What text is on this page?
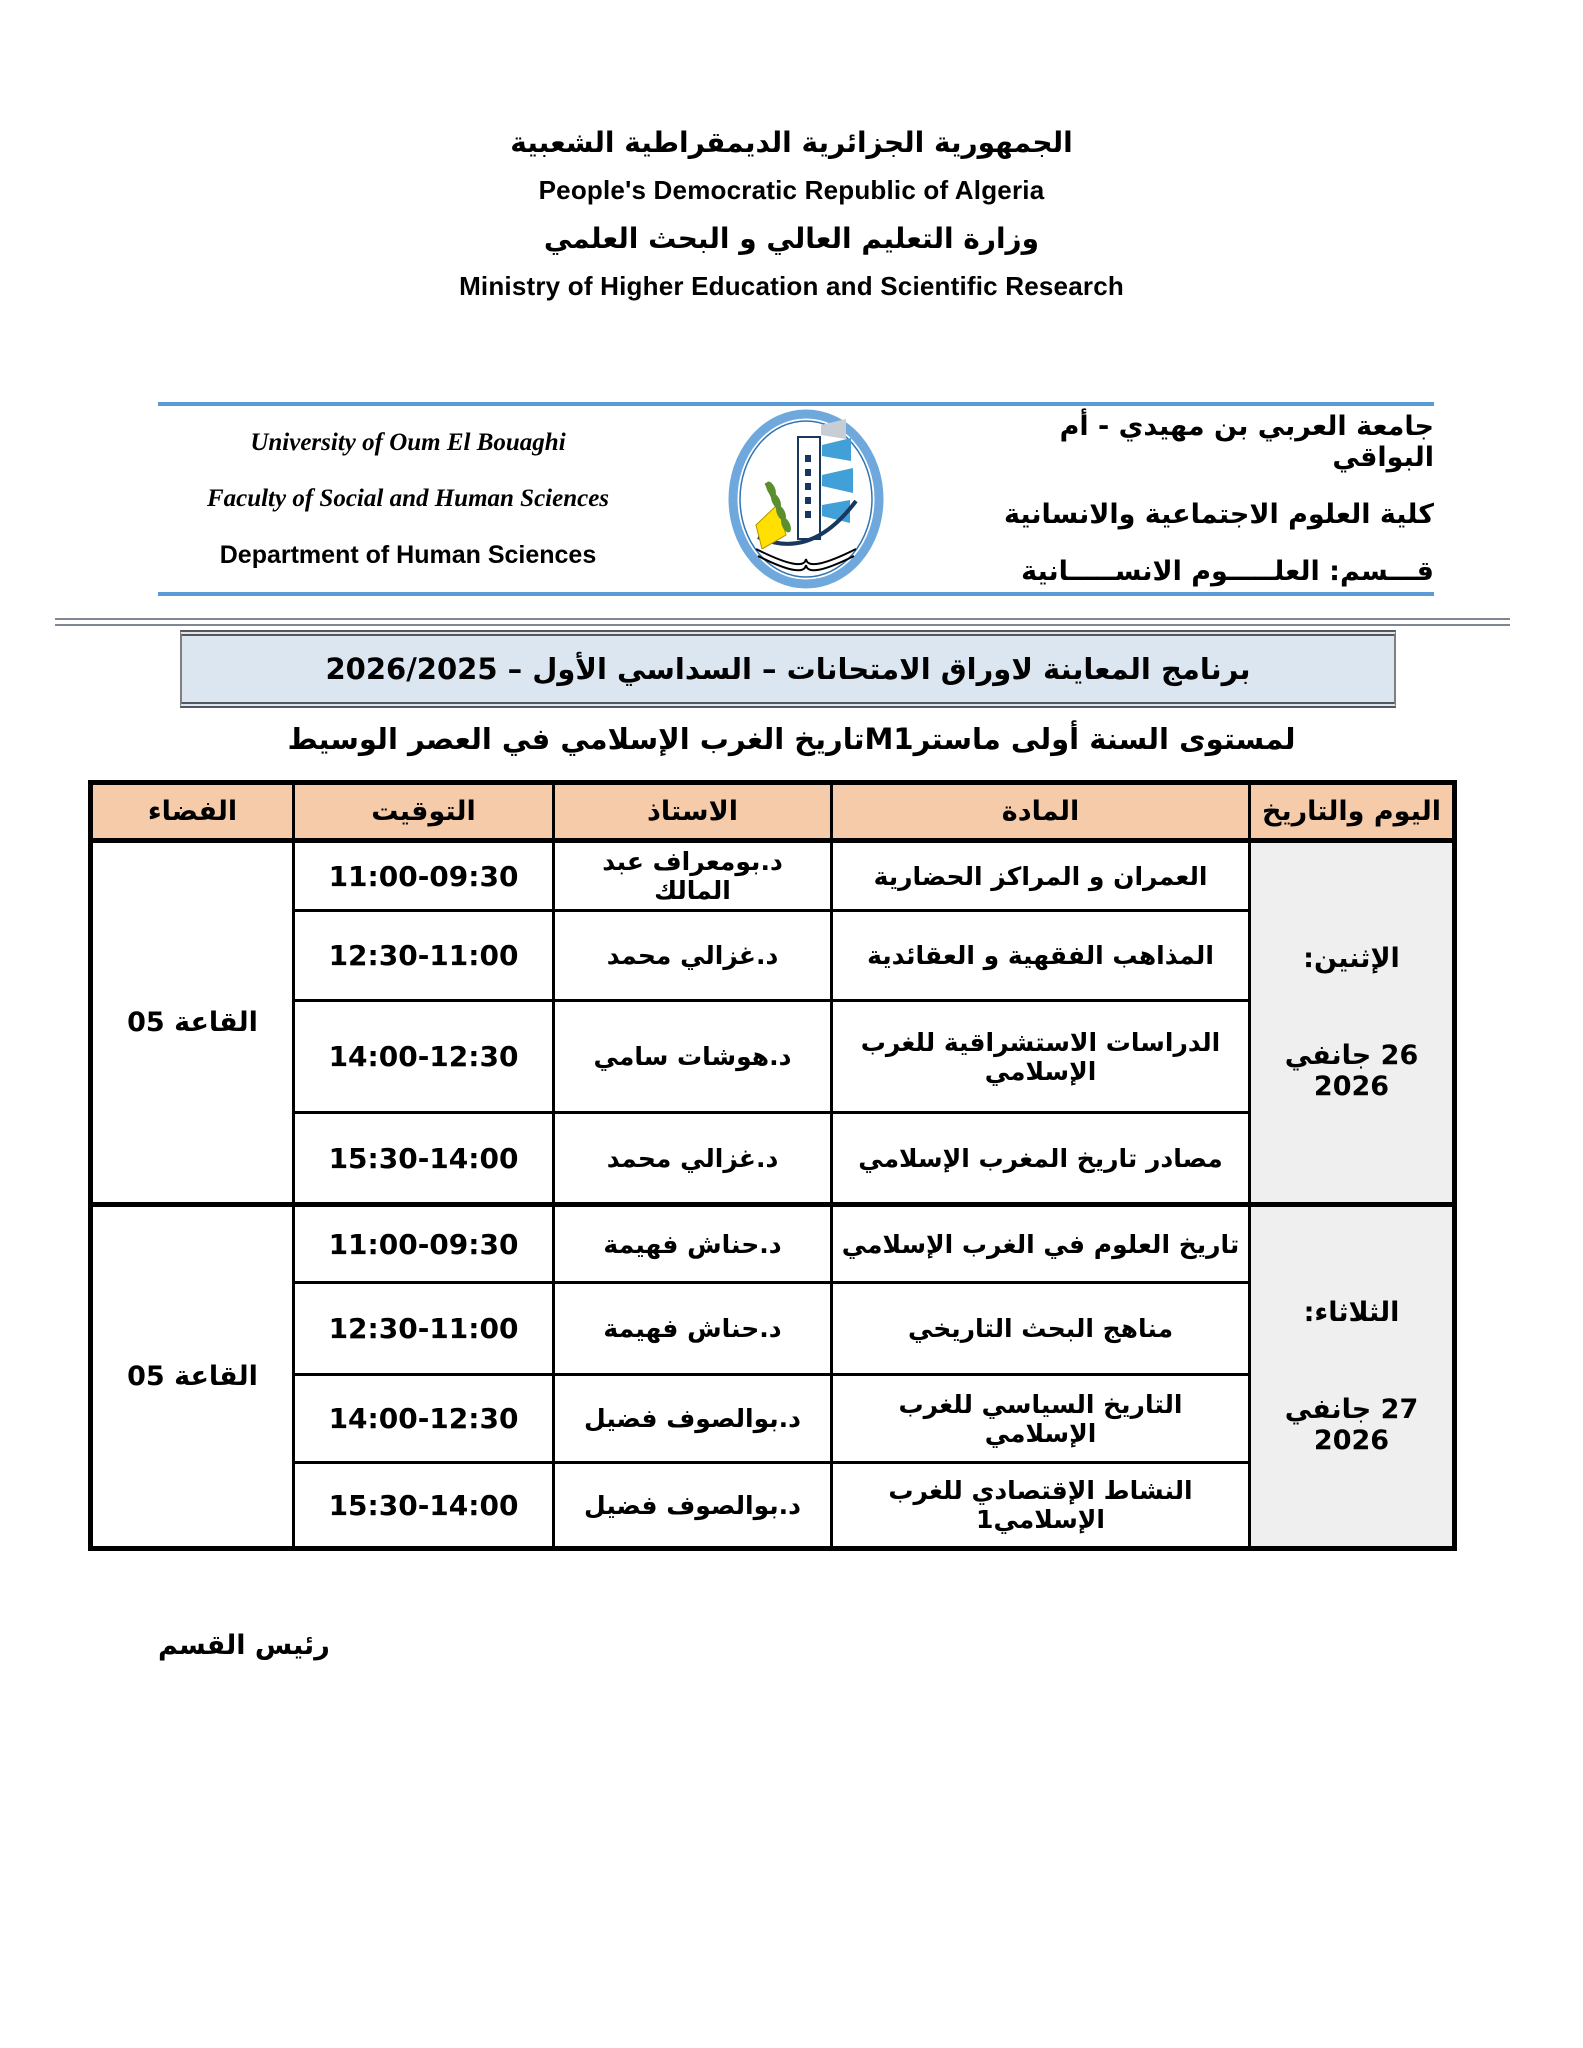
الجمهورية الجزائرية الديمقراطية الشعبية
People's Democratic Republic of Algeria
وزارة التعليم العالي و البحث العلمي
Ministry of Higher Education and Scientific Research
University of Oum El Bouaghi
Faculty of Social and Human Sciences
Department of Human Sciences
جامعة العربي بن مهيدي - أم البواقي
كلية العلوم الاجتماعية والانسانية
قـــسم: العلـــــوم الانســـــانية
برنامج المعاينة لاوراق الامتحانات – السداسي الأول – 2026/2025
لمستوى السنة أولى ماسترM1تاريخ الغرب الإسلامي في العصر الوسيط
اليوم والتاريخ	المادة	الاستاذ	التوقيت	الفضاء

الإثنين:
26 جانفي 2026	العمران و المراكز الحضارية	د.بومعراف عبد المالك	11:00-09:30	القاعة 05
	المذاهب الفقهية و العقائدية	د.غزالي محمد	12:30-11:00	
	الدراسات الاستشراقية للغرب الإسلامي	د.هوشات سامي	14:00-12:30	
	مصادر تاريخ المغرب الإسلامي	د.غزالي محمد	15:30-14:00	

الثلاثاء:
27 جانفي 2026	تاريخ العلوم في الغرب الإسلامي	د.حناش فهيمة	11:00-09:30	القاعة 05
	مناهج البحث التاريخي	د.حناش فهيمة	12:30-11:00	
	التاريخ السياسي للغرب الإسلامي	د.بوالصوف فضيل	14:00-12:30	
	النشاط الإقتصادي للغرب الإسلامي1	د.بوالصوف فضيل	15:30-14:00	
رئيس القسم
